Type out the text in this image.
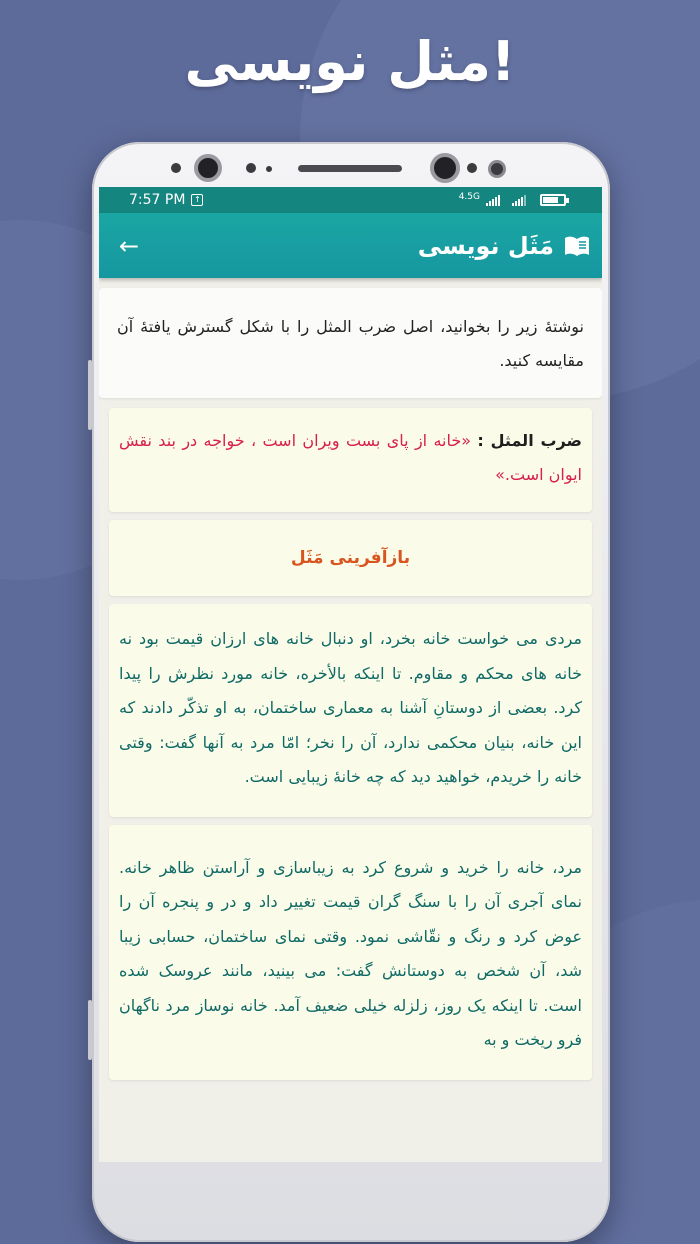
مثل نویسی!
7:57 PM	↑	4.5G
←	مَثَل نویسی
نوشتهٔ زیر را بخوانید، اصل ضرب المثل را با شکل گسترش یافتهٔ آن مقایسه کنید.
ضرب المثل : «خانه از پای بست ویران است ، خواجه در بند نقش ایوان است.»
بازآفرینی مَثَل
مردی می خواست خانه بخرد، او دنبال خانه های ارزان قیمت بود نه خانه های محکم و مقاوم. تا اینکه بالأخره، خانه مورد نظرش را پیدا کرد. بعضی از دوستانِ آشنا به معماری ساختمان، به او تذکّر دادند که این خانه، بنیان محکمی ندارد، آن را نخر؛ امّا مرد به آنها گفت: وقتی خانه را خریدم، خواهید دید که چه خانهٔ زیبایی است.
مرد، خانه را خرید و شروع کرد به زیباسازی و آراستن ظاهر خانه. نمای آجری آن را با سنگ گران قیمت تغییر داد و در و پنجره آن را عوض کرد و رنگ و نقّاشی نمود. وقتی نمای ساختمان، حسابی زیبا شد، آن شخص به دوستانش گفت: می بینید، مانند عروسک شده است. تا اینکه یک روز، زلزله خیلی ضعیف آمد. خانه نوساز مرد ناگهان فرو ریخت و به
